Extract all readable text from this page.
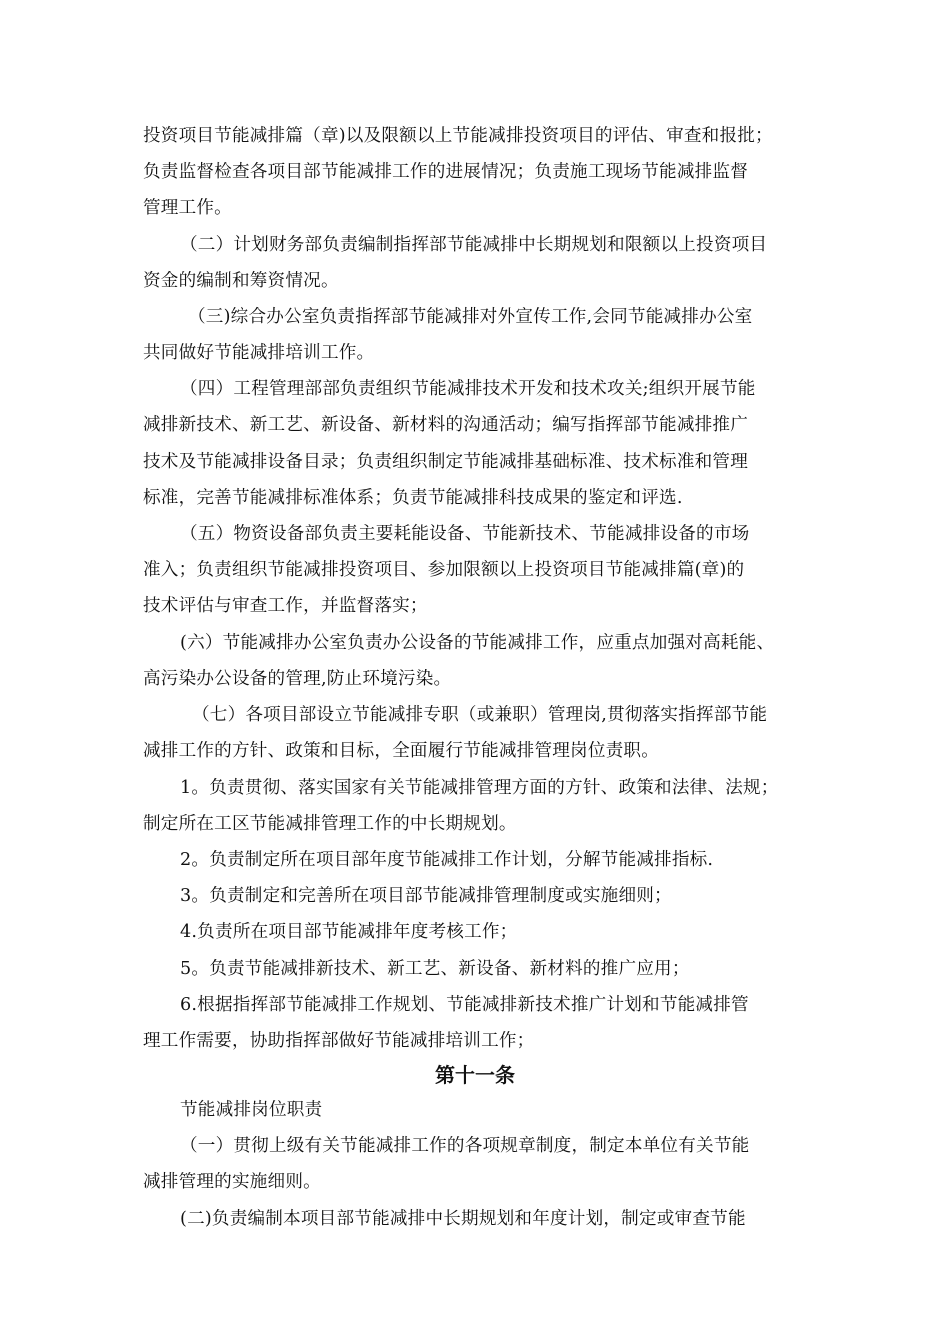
投资项目节能减排篇（章)以及限额以上节能减排投资项目的评估、审查和报批；
负责监督检查各项目部节能减排工作的进展情况；负责施工现场节能减排监督
管理工作。
（二）计划财务部负责编制指挥部节能减排中长期规划和限额以上投资项目
资金的编制和筹资情况。
（三)综合办公室负责指挥部节能减排对外宣传工作,会同节能减排办公室
共同做好节能减排培训工作。
（四）工程管理部部负责组织节能减排技术开发和技术攻关;组织开展节能
减排新技术、新工艺、新设备、新材料的沟通活动；编写指挥部节能减排推广
技术及节能减排设备目录；负责组织制定节能减排基础标准、技术标准和管理
标准，完善节能减排标准体系；负责节能减排科技成果的鉴定和评选.
（五）物资设备部负责主要耗能设备、节能新技术、节能减排设备的市场
准入；负责组织节能减排投资项目、参加限额以上投资项目节能减排篇(章)的
技术评估与审查工作，并监督落实；
(六）节能减排办公室负责办公设备的节能减排工作，应重点加强对高耗能、
高污染办公设备的管理,防止环境污染。
（七）各项目部设立节能减排专职（或兼职）管理岗,贯彻落实指挥部节能
减排工作的方针、政策和目标，全面履行节能减排管理岗位责职。
1。负责贯彻、落实国家有关节能减排管理方面的方针、政策和法律、法规；
制定所在工区节能减排管理工作的中长期规划。
2。负责制定所在项目部年度节能减排工作计划，分解节能减排指标.
3。负责制定和完善所在项目部节能减排管理制度或实施细则；
4.负责所在项目部节能减排年度考核工作；
5。负责节能减排新技术、新工艺、新设备、新材料的推广应用；
6.根据指挥部节能减排工作规划、节能减排新技术推广计划和节能减排管
理工作需要，协助指挥部做好节能减排培训工作；
第十一条
节能减排岗位职责
（一）贯彻上级有关节能减排工作的各项规章制度，制定本单位有关节能
减排管理的实施细则。
(二)负责编制本项目部节能减排中长期规划和年度计划，制定或审查节能
